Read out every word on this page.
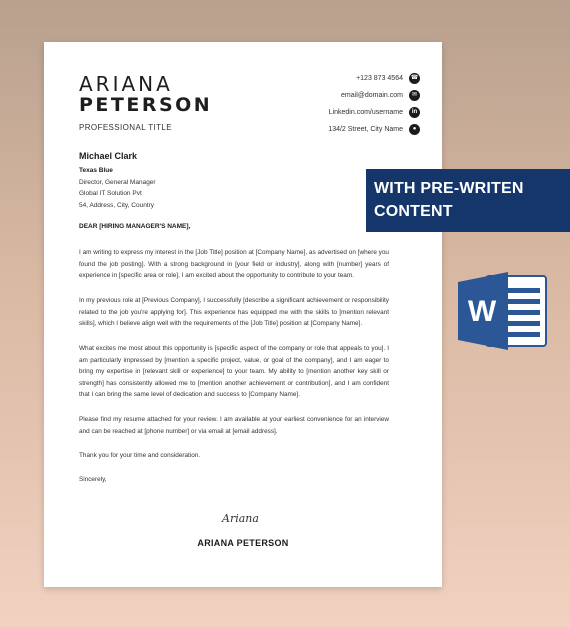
ARIANA
PETERSON
PROFESSIONAL TITLE
+123 873 4564 ☎
email@domain.com	✉
Linkedin.com/username	in
134/2 Street, City Name	●
Michael Clark
Texas Blue
Director, General Manager
Global IT Solution Pvt
54, Address, City, Country
DEAR [HIRING MANAGER'S NAME],

I am writing to express my interest in the [Job Title] position at [Company Name], as advertised on [where you found the job posting]. With a strong background in [your field or industry], along with [number] years of experience in [specific area or role], I am excited about the opportunity to contribute to your team.

In my previous role at [Previous Company], I successfully [describe a significant achievement or responsibility related to the job you're applying for]. This experience has equipped me with the skills to [mention relevant skills], which I believe align well with the requirements of the [Job Title] position at [Company Name].

What excites me most about this opportunity is [specific aspect of the company or role that appeals to you]. I am particularly impressed by [mention a specific project, value, or goal of the company], and I am eager to bring my expertise in [relevant skill or experience] to your team. My ability to [mention another key skill or strength] has consistently allowed me to [mention another achievement or contribution], and I am confident that I can bring the same level of dedication and success to [Company Name].

Please find my resume attached for your review. I am available at your earliest convenience for an interview and can be reached at [phone number] or via email at [email address].

Thank you for your time and consideration.

Sincerely,

Ariana
ARIANA PETERSON
WITH PRE-WRITEN
CONTENT
W
